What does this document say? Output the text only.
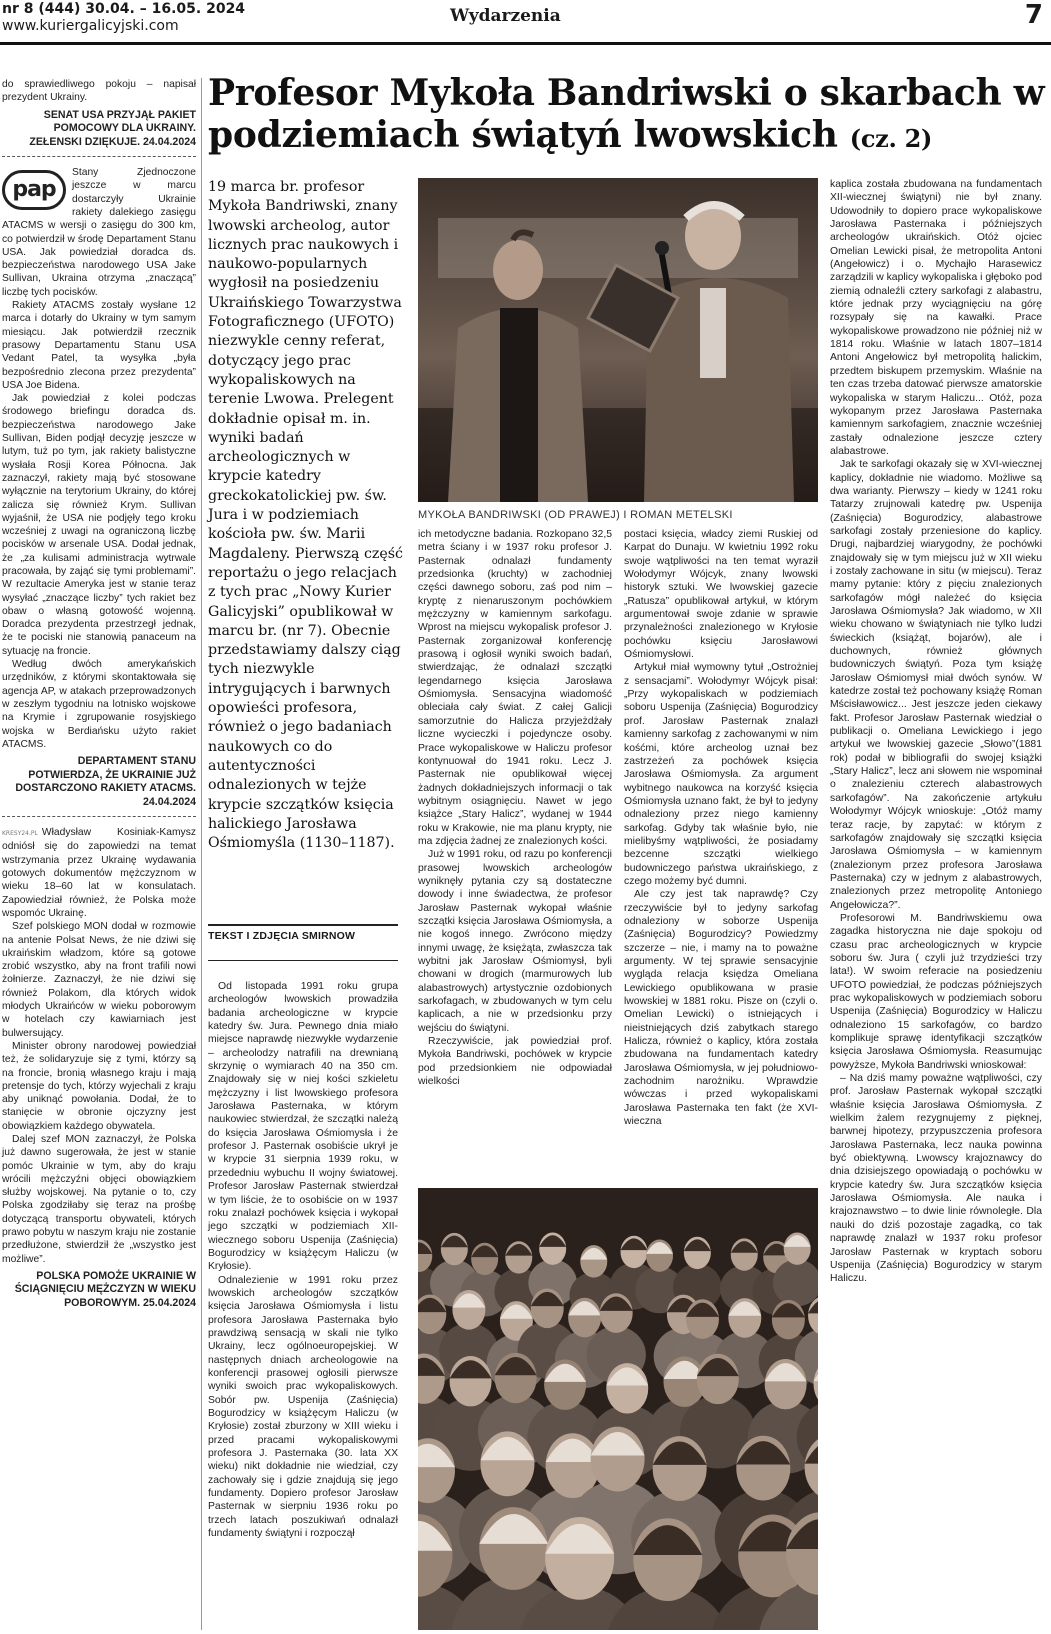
nr 8 (444) 30.04. – 16.05. 2024
www.kuriergalicyjski.com	Wydarzenia	7

do sprawiedliwego pokoju – napisał prezydent Ukrainy.

SENAT USA PRZYJĄŁ PAKIET POMOCOWY DLA UKRAINY. ZEŁENSKI DZIĘKUJE. 24.04.2024

pap

Stany Zjednoczone jeszcze w marcu dostarczyły Ukrainie rakiety dalekiego zasięgu ATACMS w wersji o zasięgu do 300 km, co potwierdził w środę Departament Stanu USA. Jak powiedział doradca ds. bezpieczeństwa narodowego USA Jake Sullivan, Ukraina otrzyma „znaczącą” liczbę tych pocisków.

Rakiety ATACMS zostały wysłane 12 marca i dotarły do Ukrainy w tym samym miesiącu. Jak potwierdził rzecznik prasowy Departamentu Stanu USA Vedant Patel, ta wysyłka „była bezpośrednio zlecona przez prezydenta” USA Joe Bidena.

Jak powiedział z kolei podczas środowego briefingu doradca ds. bezpieczeństwa narodowego Jake Sullivan, Biden podjął decyzję jeszcze w lutym, tuż po tym, jak rakiety balistyczne wysłała Rosji Korea Północna. Jak zaznaczył, rakiety mają być stosowane wyłącznie na terytorium Ukrainy, do której zalicza się również Krym. Sullivan wyjaśnił, że USA nie podjęły tego kroku wcześniej z uwagi na ograniczoną liczbę pocisków w arsenale USA. Dodał jednak, że „za kulisami administracja wytrwale pracowała, by zająć się tymi problemami”. W rezultacie Ameryka jest w stanie teraz wysyłać „znaczące liczby” tych rakiet bez obaw o własną gotowość wojenną. Doradca prezydenta przestrzegł jednak, że te pociski nie stanowią panaceum na sytuację na froncie.

Według dwóch amerykańskich urzędników, z którymi skontaktowała się agencja AP, w atakach przeprowadzonych w zeszłym tygodniu na lotnisko wojskowe na Krymie i zgrupowanie rosyjskiego wojska w Berdiańsku użyto rakiet ATACMS.

DEPARTAMENT STANU POTWIERDZA, ŻE UKRAINIE JUŻ DOSTARCZONO RAKIETY ATACMS. 24.04.2024

KRESY24.PL Władysław Kosiniak-Kamysz odniósł się do zapowiedzi na temat wstrzymania przez Ukrainę wydawania gotowych dokumentów mężczyznom w wieku 18–60 lat w konsulatach. Zapowiedział również, że Polska może wspomóc Ukrainę.

Szef polskiego MON dodał w rozmowie na antenie Polsat News, że nie dziwi się ukraińskim władzom, które są gotowe zrobić wszystko, aby na front trafili nowi żołnierze. Zaznaczył, że nie dziwi się również Polakom, dla których widok młodych Ukraińców w wieku poborowym w hotelach czy kawiarniach jest bulwersujący.

Minister obrony narodowej powiedział też, że solidaryzuje się z tymi, którzy są na froncie, bronią własnego kraju i mają pretensje do tych, którzy wyjechali z kraju aby uniknąć powołania. Dodał, że to stanięcie w obronie ojczyzny jest obowiązkiem każdego obywatela.

Dalej szef MON zaznaczył, że Polska już dawno sugerowała, że jest w stanie pomóc Ukrainie w tym, aby do kraju wrócili mężczyźni objęci obowiązkiem służby wojskowej. Na pytanie o to, czy Polska zgodziłaby się teraz na prośbę dotyczącą transportu obywateli, których prawo pobytu w naszym kraju nie zostanie przedłużone, stwierdził że „wszystko jest możliwe”.

POLSKA POMOŻE UKRAINIE W ŚCIĄGNIĘCIU MĘŻCZYZN W WIEKU POBOROWYM. 25.04.2024

Profesor Mykoła Bandriwski o skarbach w podziemiach świątyń lwowskich (cz. 2)
19 marca br. profesor Mykoła Bandriwski, znany lwowski archeolog, autor licznych prac naukowych i naukowo-popularnych wygłosił na posiedzeniu Ukraińskiego Towarzystwa Fotograficznego (UFOTO) niezwykle cenny referat, dotyczący jego prac wykopaliskowych na terenie Lwowa. Prelegent dokładnie opisał m. in. wyniki badań archeologicznych w krypcie katedry greckokatolickiej pw. św. Jura i w podziemiach kościoła pw. św. Marii Magdaleny. Pierwszą część reportażu o jego relacjach z tych prac „Nowy Kurier Galicyjski” opublikował w marcu br. (nr 7). Obecnie przedstawiamy dalszy ciąg tych niezwykle intrygujących i barwnych opowieści profesora, również o jego badaniach naukowych co do autentyczności odnalezionych w tejże krypcie szczątków księcia halickiego Jarosława Ośmiomyśla (1130–1187).
TEKST I ZDJĘCIA SMIRNOW

Od listopada 1991 roku grupa archeologów lwowskich prowadziła badania archeologiczne w krypcie katedry św. Jura. Pewnego dnia miało miejsce naprawdę niezwykłe wydarzenie – archeolodzy natrafili na drewnianą skrzynię o wymiarach 40 na 350 cm. Znajdowały się w niej kości szkieletu mężczyzny i list lwowskiego profesora Jarosława Pasternaka, w którym naukowiec stwierdzał, że szczątki należą do księcia Jarosława Ośmiomysła i że profesor J. Pasternak osobiście ukrył je w krypcie 31 sierpnia 1939 roku, w przededniu wybuchu II wojny światowej. Profesor Jarosław Pasternak stwierdzał w tym liście, że to osobiście on w 1937 roku znalazł pochówek księcia i wykopał jego szczątki w podziemiach XII-wiecznego soboru Uspenija (Zaśnięcia) Bogurodzicy w książęcym Haliczu (w Kryłosie).

Odnalezienie w 1991 roku przez lwowskich archeologów szczątków księcia Jarosława Ośmiomysła i listu profesora Jarosława Pasternaka było prawdziwą sensacją w skali nie tylko Ukrainy, lecz ogólnoeuropejskiej. W następnych dniach archeologowie na konferencji prasowej ogłosili pierwsze wyniki swoich prac wykopaliskowych. Sobór pw. Uspenija (Zaśnięcia) Bogurodzicy w książęcym Haliczu (w Kryłosie) został zburzony w XIII wieku i przed pracami wykopaliskowymi profesora J. Pasternaka (30. lata XX wieku) nikt dokładnie nie wiedział, czy zachowały się i gdzie znajdują się jego fundamenty. Dopiero profesor Jarosław Pasternak w sierpniu 1936 roku po trzech latach poszukiwań odnalazł fundamenty świątyni i rozpoczął

MYKOŁA BANDRIWSKI (OD PRAWEJ) I ROMAN METELSKI

ich metodyczne badania. Rozkopano 32,5 metra ściany i w 1937 roku profesor J. Pasternak odnalazł fundamenty przedsionka (kruchty) w zachodniej części dawnego soboru, zaś pod nim – kryptę z nienaruszonym pochówkiem mężczyzny w kamiennym sarkofagu. Wprost na miejscu wykopalisk profesor J. Pasternak zorganizował konferencję prasową i ogłosił wyniki swoich badań, stwierdzając, że odnalazł szczątki legendarnego księcia Jarosława Ośmiomysła. Sensacyjna wiadomość obleciała cały świat. Z całej Galicji samorzutnie do Halicza przyjeżdżały liczne wycieczki i pojedyncze osoby. Prace wykopaliskowe w Haliczu profesor kontynuował do 1941 roku. Lecz J. Pasternak nie opublikował więcej żadnych dokładniejszych informacji o tak wybitnym osiągnięciu. Nawet w jego książce „Stary Halicz”, wydanej w 1944 roku w Krakowie, nie ma planu krypty, nie ma zdjęcia żadnej ze znalezionych kości.

Już w 1991 roku, od razu po konferencji prasowej lwowskich archeologów wyniknęły pytania czy są dostateczne dowody i inne świadectwa, że profesor Jarosław Pasternak wykopał właśnie szczątki księcia Jarosława Ośmiomysła, a nie kogoś innego. Zwrócono między innymi uwagę, że księżąta, zwłaszcza tak wybitni jak Jarosław Ośmiomysł, byli chowani w drogich (marmurowych lub alabastrowych) artystycznie ozdobionych sarkofagach, w zbudowanych w tym celu kaplicach, a nie w przedsionku przy wejściu do świątyni.

Rzeczywiście, jak powiedział prof. Mykoła Bandriwski, pochówek w krypcie pod przedsionkiem nie odpowiadał wielkości

postaci księcia, władcy ziemi Ruskiej od Karpat do Dunaju. W kwietniu 1992 roku swoje wątpliwości na ten temat wyraził Wołodymyr Wójcyk, znany lwowski historyk sztuki. We lwowskiej gazecie „Ratusza” opublikował artykuł, w którym argumentował swoje zdanie w sprawie przynależności znalezionego w Kryłosie pochówku księciu Jarosławowi Ośmiomysłowi.

Artykuł miał wymowny tytuł „Ostrożniej z sensacjami”. Wołodymyr Wójcyk pisał: „Przy wykopaliskach w podziemiach soboru Uspenija (Zaśnięcia) Bogurodzicy prof. Jarosław Pasternak znalazł kamienny sarkofag z zachowanymi w nim kośćmi, które archeolog uznał bez zastrzeżeń za pochówek księcia Jarosława Ośmiomysła. Za argument wybitnego naukowca na korzyść księcia Ośmiomysła uznano fakt, że był to jedyny odnaleziony przez niego kamienny sarkofag. Gdyby tak właśnie było, nie mielibyśmy wątpliwości, że posiadamy bezcenne szczątki wielkiego budowniczego państwa ukraińskiego, z czego możemy być dumni.

Ale czy jest tak naprawdę? Czy rzeczywiście był to jedyny sarkofag odnaleziony w soborze Uspenija (Zaśnięcia) Bogurodzicy? Powiedzmy szczerze – nie, i mamy na to poważne argumenty. W tej sprawie sensacyjnie wygląda relacja księdza Omeliana Lewickiego opublikowana w prasie lwowskiej w 1881 roku. Pisze on (czyli o. Omelian Lewicki) o istniejących i nieistniejących dziś zabytkach starego Halicza, również o kaplicy, która została zbudowana na fundamentach katedry Jarosława Ośmiomysła, w jej południowo-zachodnim narożniku. Wprawdzie wówczas i przed wykopaliskami Jarosława Pasternaka ten fakt (że XVI-wieczna

kaplica została zbudowana na fundamentach XII-wiecznej świątyni) nie był znany. Udowodniły to dopiero prace wykopaliskowe Jarosława Pasternaka i późniejszych archeologów ukraińskich. Otóż ojciec Omelian Lewicki pisał, że metropolita Antoni (Angełowicz) i o. Mychajło Harasewicz zarządzili w kaplicy wykopaliska i głęboko pod ziemią odnaleźli cztery sarkofagi z alabastru, które jednak przy wyciągnięciu na górę rozsypały się na kawałki. Prace wykopaliskowe prowadzono nie później niż w 1814 roku. Właśnie w latach 1807–1814 Antoni Angełowicz był metropolitą halickim, przedtem biskupem przemyskim. Właśnie na ten czas trzeba datować pierwsze amatorskie wykopaliska w starym Haliczu... Otóż, poza wykopanym przez Jarosława Pasternaka kamiennym sarkofagiem, znacznie wcześniej zastały odnalezione jeszcze cztery alabastrowe.

Jak te sarkofagi okazały się w XVI-wiecznej kaplicy, dokładnie nie wiadomo. Możliwe są dwa warianty. Pierwszy – kiedy w 1241 roku Tatarzy zrujnowali katedrę pw. Uspenija (Zaśnięcia) Bogurodzicy, alabastrowe sarkofagi zostały przeniesione do kaplicy. Drugi, najbardziej wiarygodny, że pochówki znajdowały się w tym miejscu już w XII wieku i zostały zachowane in situ (w miejscu). Teraz mamy pytanie: który z pięciu znalezionych sarkofagów mógł należeć do księcia Jarosława Ośmiomysła? Jak wiadomo, w XII wieku chowano w świątyniach nie tylko ludzi świeckich (książąt, bojarów), ale i duchownych, również głównych budowniczych świątyń. Poza tym książę Jarosław Ośmiomysł miał dwóch synów. W katedrze został też pochowany książę Roman Mścisławowicz... Jest jeszcze jeden ciekawy fakt. Profesor Jarosław Pasternak wiedział o publikacji o. Omeliana Lewickiego i jego artykuł we lwowskiej gazecie „Słowo”(1881 rok) podał w bibliografii do swojej książki „Stary Halicz”, lecz ani słowem nie wspominał o znalezieniu czterech alabastrowych sarkofagów”. Na zakończenie artykułu Wołodymyr Wójcyk wnioskuje: „Otóż mamy teraz racje, by zapytać: w którym z sarkofagów znajdowały się szczątki księcia Jarosława Ośmiomysła – w kamiennym (znalezionym przez profesora Jarosława Pasternaka) czy w jednym z alabastrowych, znalezionych przez metropolitę Antoniego Angełowicza?”.

Profesorowi M. Bandriwskiemu owa zagadka historyczna nie daje spokoju od czasu prac archeologicznych w krypcie soboru św. Jura ( czyli już trzydzieści trzy lata!). W swoim referacie na posiedzeniu UFOTO powiedział, że podczas późniejszych prac wykopaliskowych w podziemiach soboru Uspenija (Zaśnięcia) Bogurodzicy w Haliczu odnaleziono 15 sarkofagów, co bardzo komplikuje sprawę identyfikacji szczątków księcia Jarosława Ośmiomysła. Reasumując powyższe, Mykoła Bandriwski wnioskował:

– Na dziś mamy poważne wątpliwości, czy prof. Jarosław Pasternak wykopał szczątki właśnie księcia Jarosława Ośmiomysła. Z wielkim żalem rezygnujemy z pięknej, barwnej hipotezy, przypuszczenia profesora Jarosława Pasternaka, lecz nauka powinna być obiektywną. Lwowscy krajoznawcy do dnia dzisiejszego opowiadają o pochówku w krypcie katedry św. Jura szczątków księcia Jarosława Ośmiomysła. Ale nauka i krajoznawstwo – to dwie linie równoległe. Dla nauki do dziś pozostaje zagadką, co tak naprawdę znalazł w 1937 roku profesor Jarosław Pasternak w kryptach soboru Uspenija (Zaśnięcia) Bogurodzicy w starym Haliczu.
